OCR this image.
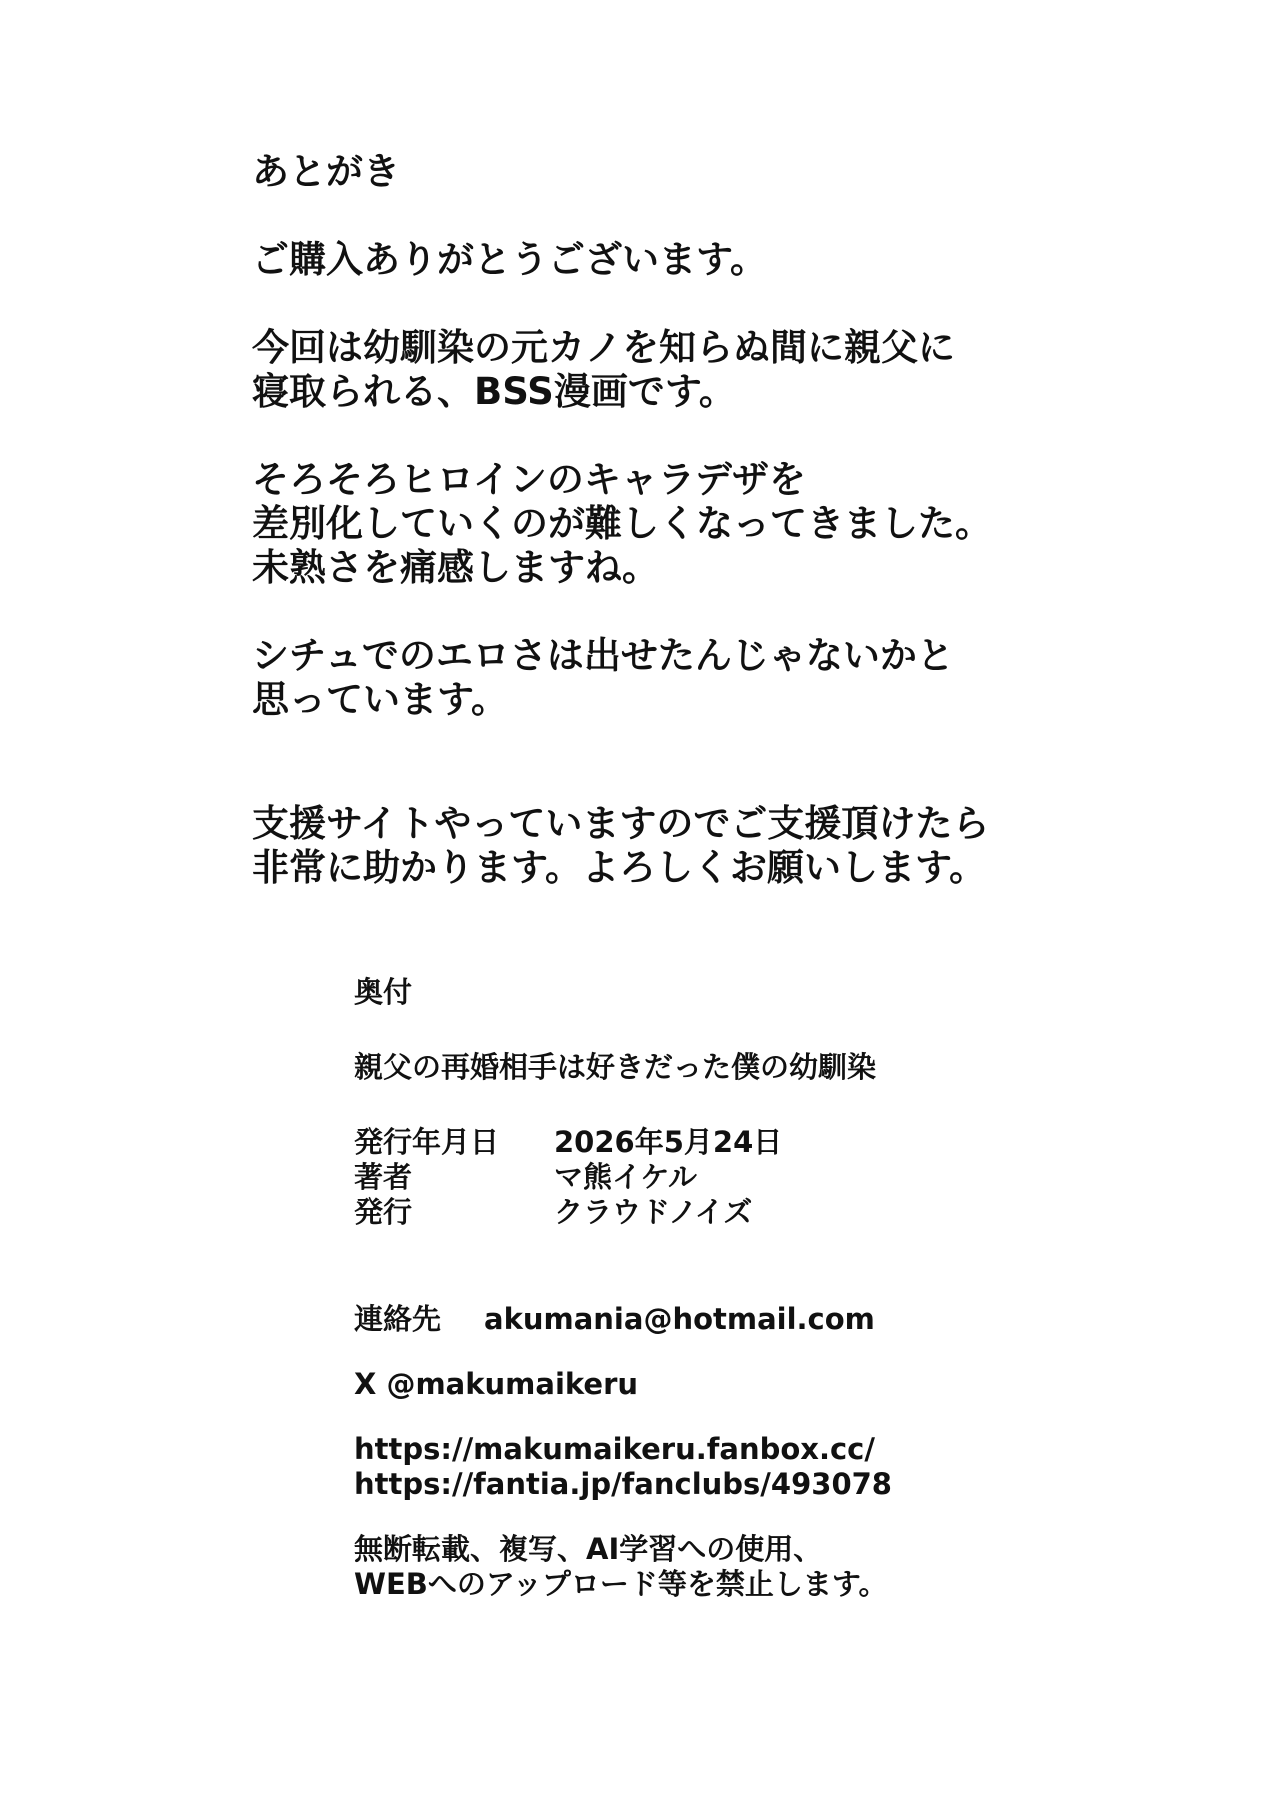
あとがき

ご購入ありがとうございます。

今回は幼馴染の元カノを知らぬ間に親父に
寝取られる、BSS漫画です。

そろそろヒロインのキャラデザを
差別化していくのが難しくなってきました。
未熟さを痛感しますね。

シチュでのエロさは出せたんじゃないかと
思っています。

支援サイトやっていますのでご支援頂けたら
非常に助かります。よろしくお願いします。

奥付

親父の再婚相手は好きだった僕の幼馴染

発行年月日	2026年5月24日
著者	マ熊イケル
発行	クラウドノイズ
連絡先	akumania@hotmail.com

X @makumaikeru

https://makumaikeru.fanbox.cc/
https://fantia.jp/fanclubs/493078
無断転載、複写、AI学習への使用、
WEBへのアップロード等を禁止します。
